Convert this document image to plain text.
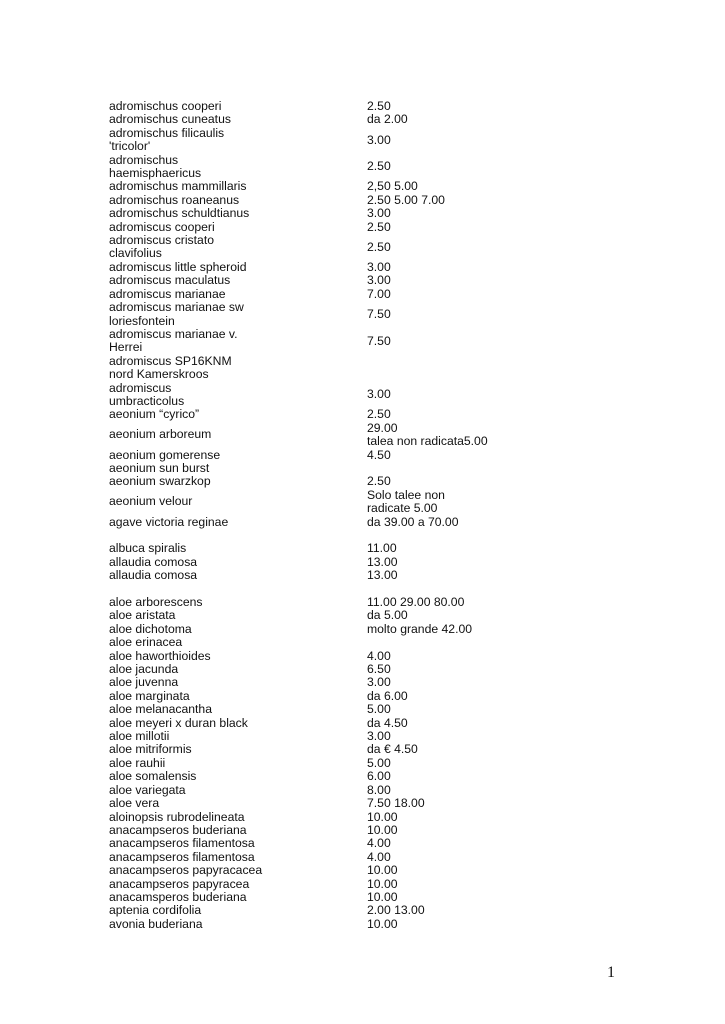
adromischus cooperi	2.50
adromischus cuneatus	da 2.00
adromischus filicaulis
'tricolor'	3.00
adromischus
haemisphaericus	2.50
adromischus mammillaris	2,50 5.00
adromischus roaneanus	2.50 5.00 7.00
adromischus schuldtianus	3.00
adromiscus cooperi	2.50
adromiscus cristato
clavifolius	2.50
adromiscus little spheroid	3.00
adromiscus maculatus	3.00
adromiscus marianae	7.00
adromiscus marianae sw
loriesfontein	7.50
adromiscus marianae v.
Herrei	7.50
adromiscus SP16KNM
nord Kamerskroos	
adromiscus
umbracticolus	3.00
aeonium “cyrico”	2.50
aeonium arboreum	29.00
talea non radicata5.00
aeonium gomerense	4.50
aeonium sun burst	
aeonium swarzkop	2.50
aeonium velour	Solo talee non
radicate 5.00
agave victoria reginae	da 39.00 a 70.00

albuca spiralis	11.00
allaudia comosa	13.00
allaudia comosa	13.00

aloe arborescens	11.00 29.00 80.00
aloe aristata	da 5.00
aloe dichotoma	molto grande 42.00
aloe erinacea	
aloe haworthioides	4.00
aloe jacunda	6.50
aloe juvenna	3.00
aloe marginata	da 6.00
aloe melanacantha	5.00
aloe meyeri x duran black	da 4.50
aloe millotii	3.00
aloe mitriformis	da € 4.50
aloe rauhii	5.00
aloe somalensis	6.00
aloe variegata	8.00
aloe vera	7.50 18.00
aloinopsis rubrodelineata	10.00
anacampseros buderiana	10.00
anacampseros filamentosa	4.00
anacampseros filamentosa	4.00
anacampseros papyracacea	10.00
anacampseros papyracea	10.00
anacamsperos buderiana	10.00
aptenia cordifolia	2.00 13.00
avonia buderiana	10.00
1
